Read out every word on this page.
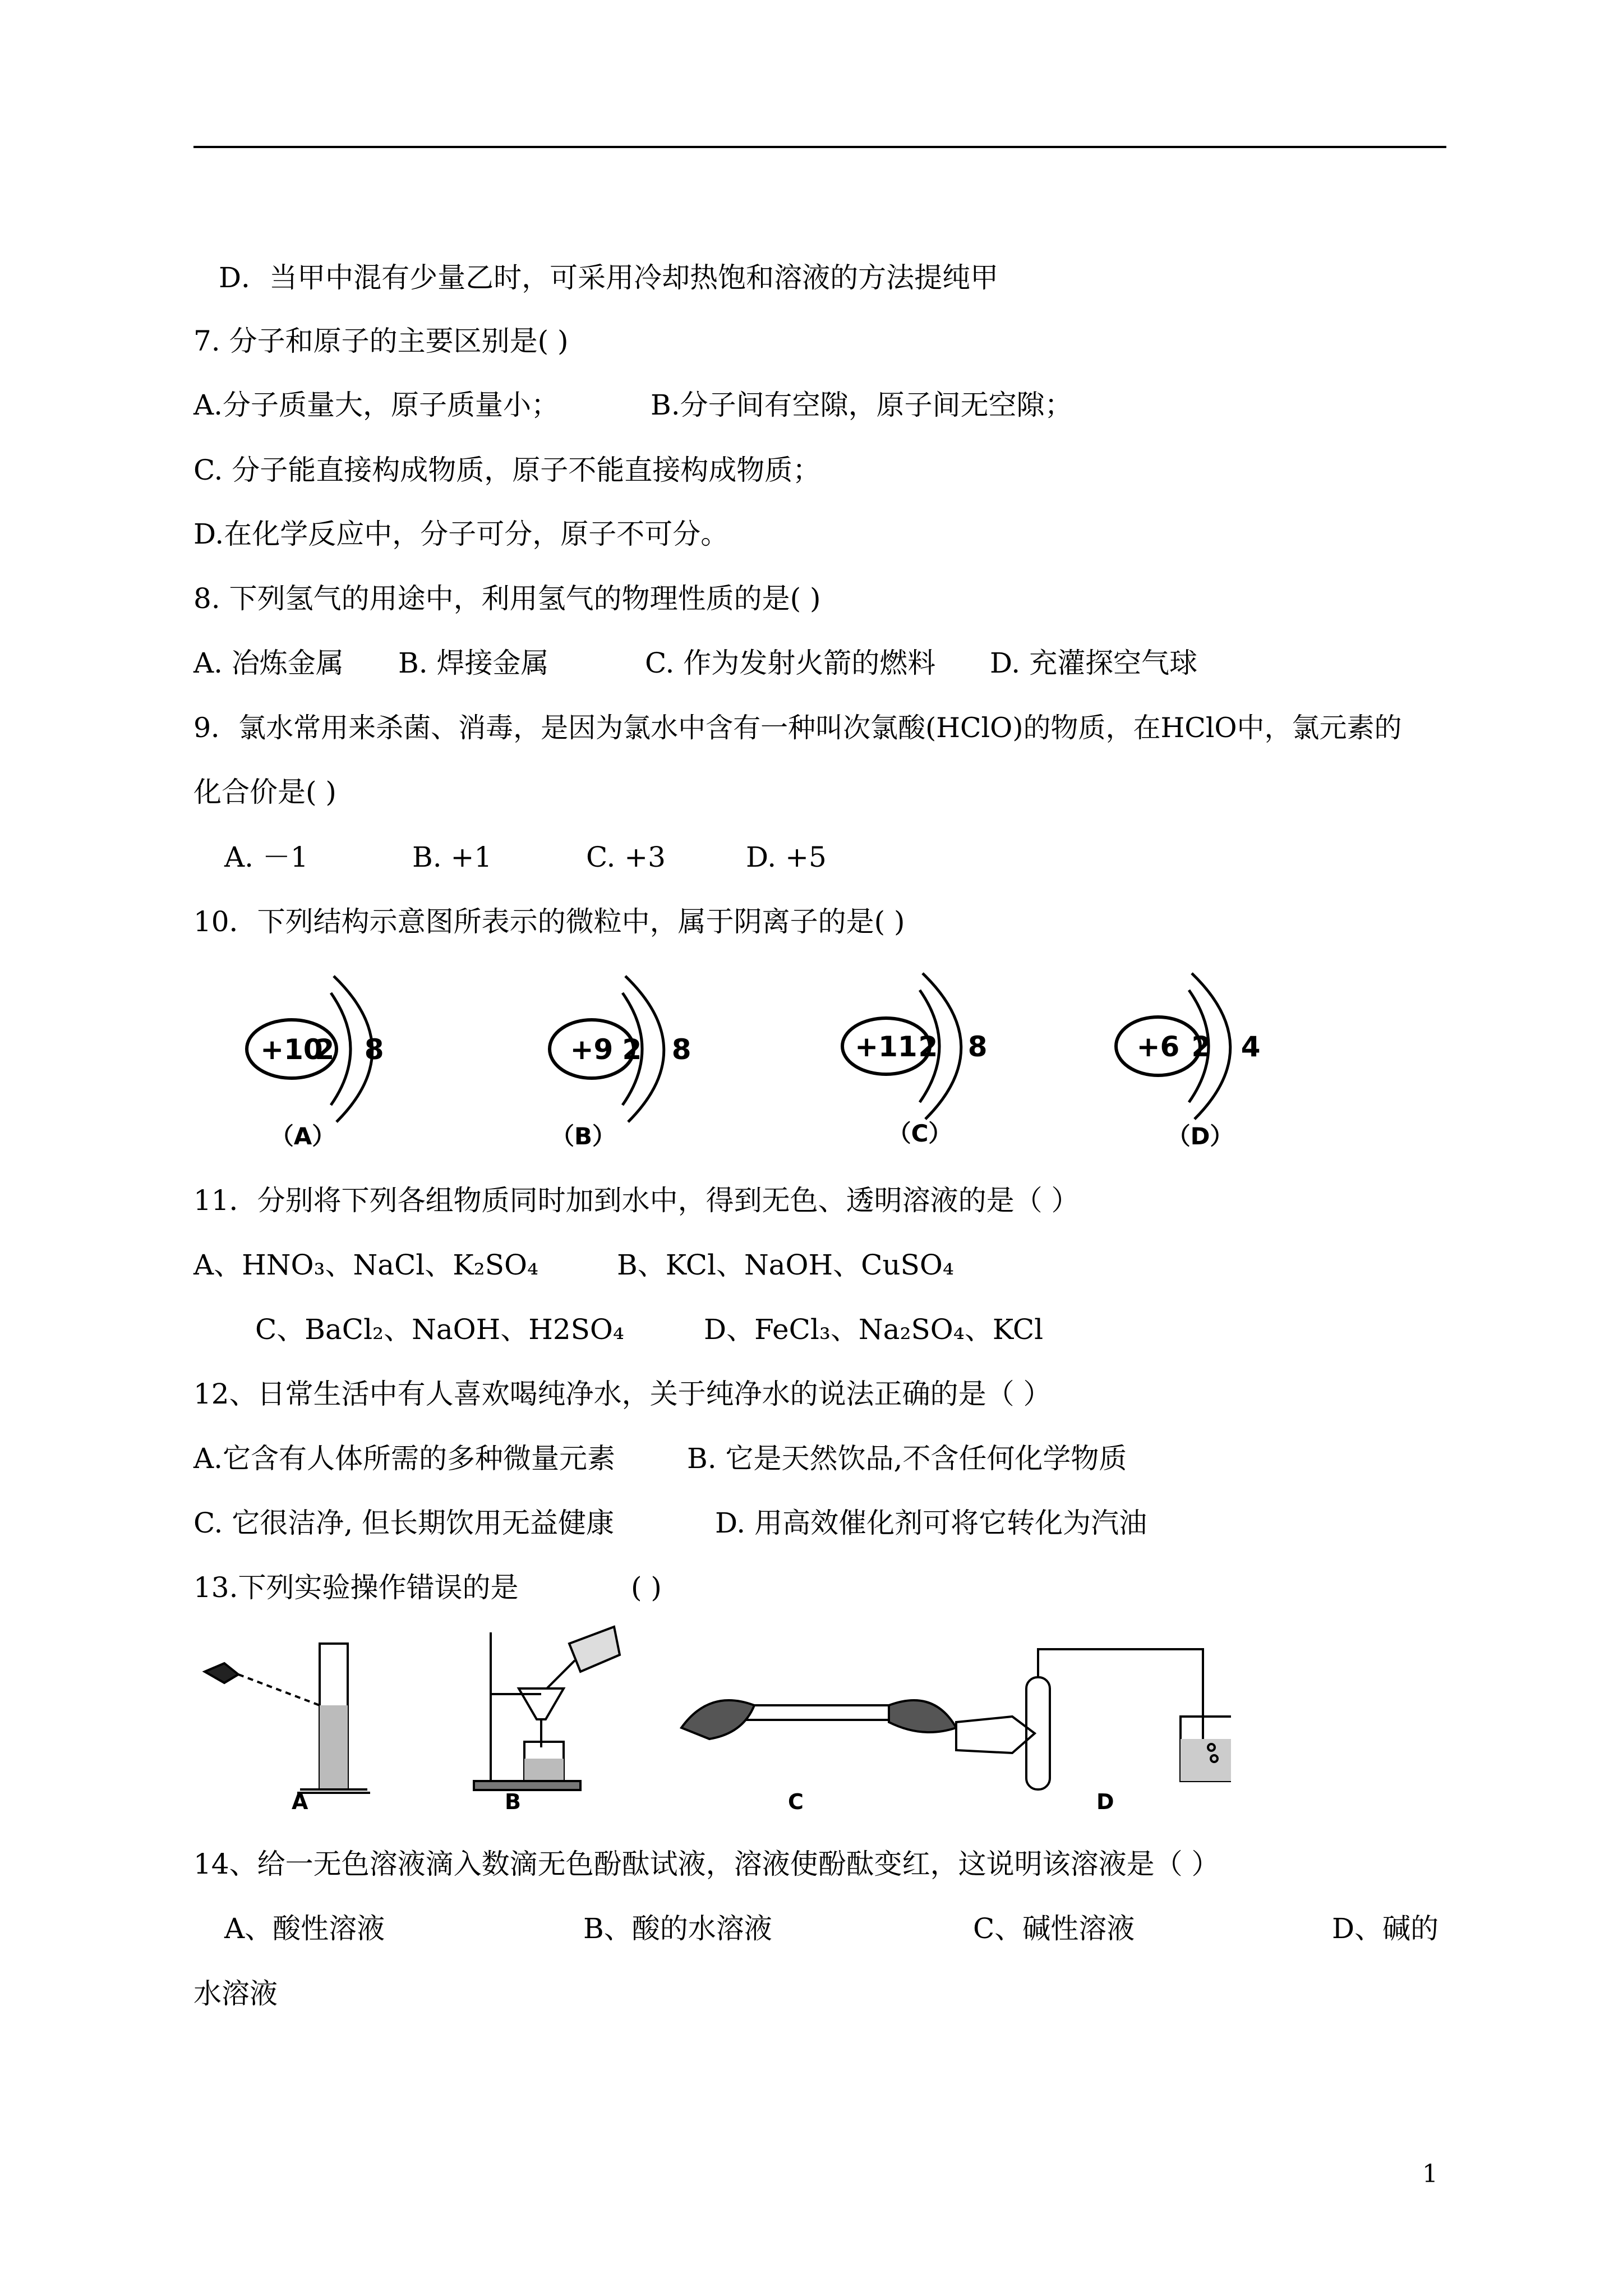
D．当甲中混有少量乙时，可采用冷却热饱和溶液的方法提纯甲
7. 分子和原子的主要区别是( )
A.分子质量大，原子质量小；	B.分子间有空隙，原子间无空隙；
C. 分子能直接构成物质，原子不能直接构成物质；
D.在化学反应中，分子可分，原子不可分。
8. 下列氢气的用途中，利用氢气的物理性质的是( )
A. 冶炼金属 B. 焊接金属	C. 作为发射火箭的燃料 D. 充灌探空气球
9．氯水常用来杀菌、消毒，是因为氯水中含有一种叫次氯酸(HClO)的物质，在HClO中，氯元素的
化合价是( )
A. －1	B. +1	C. +3	D. +5
10．下列结构示意图所表示的微粒中，属于阴离子的是( )
+10
2 8
（A）
+9 2 8
（B）
+11 2 8
（C）
+6 2 4
（D）
11．分别将下列各组物质同时加到水中，得到无色、透明溶液的是（ ）
A、HNO₃、NaCl、K₂SO₄	B、KCl、NaOH、CuSO₄
C、BaCl₂、NaOH、H2SO₄	D、FeCl₃、Na₂SO₄、KCl
12、日常生活中有人喜欢喝纯净水，关于纯净水的说法正确的是（ ）
A.它含有人体所需的多种微量元素	B. 它是天然饮品,不含任何化学物质
C. 它很洁净, 但长期饮用无益健康	D. 用高效催化剂可将它转化为汽油
13.下列实验操作错误的是	( )
A	B	C	D
14、给一无色溶液滴入数滴无色酚酞试液，溶液使酚酞变红，这说明该溶液是（ ）
A、酸性溶液	B、酸的水溶液	C、碱性溶液	D、碱的
水溶液
1
